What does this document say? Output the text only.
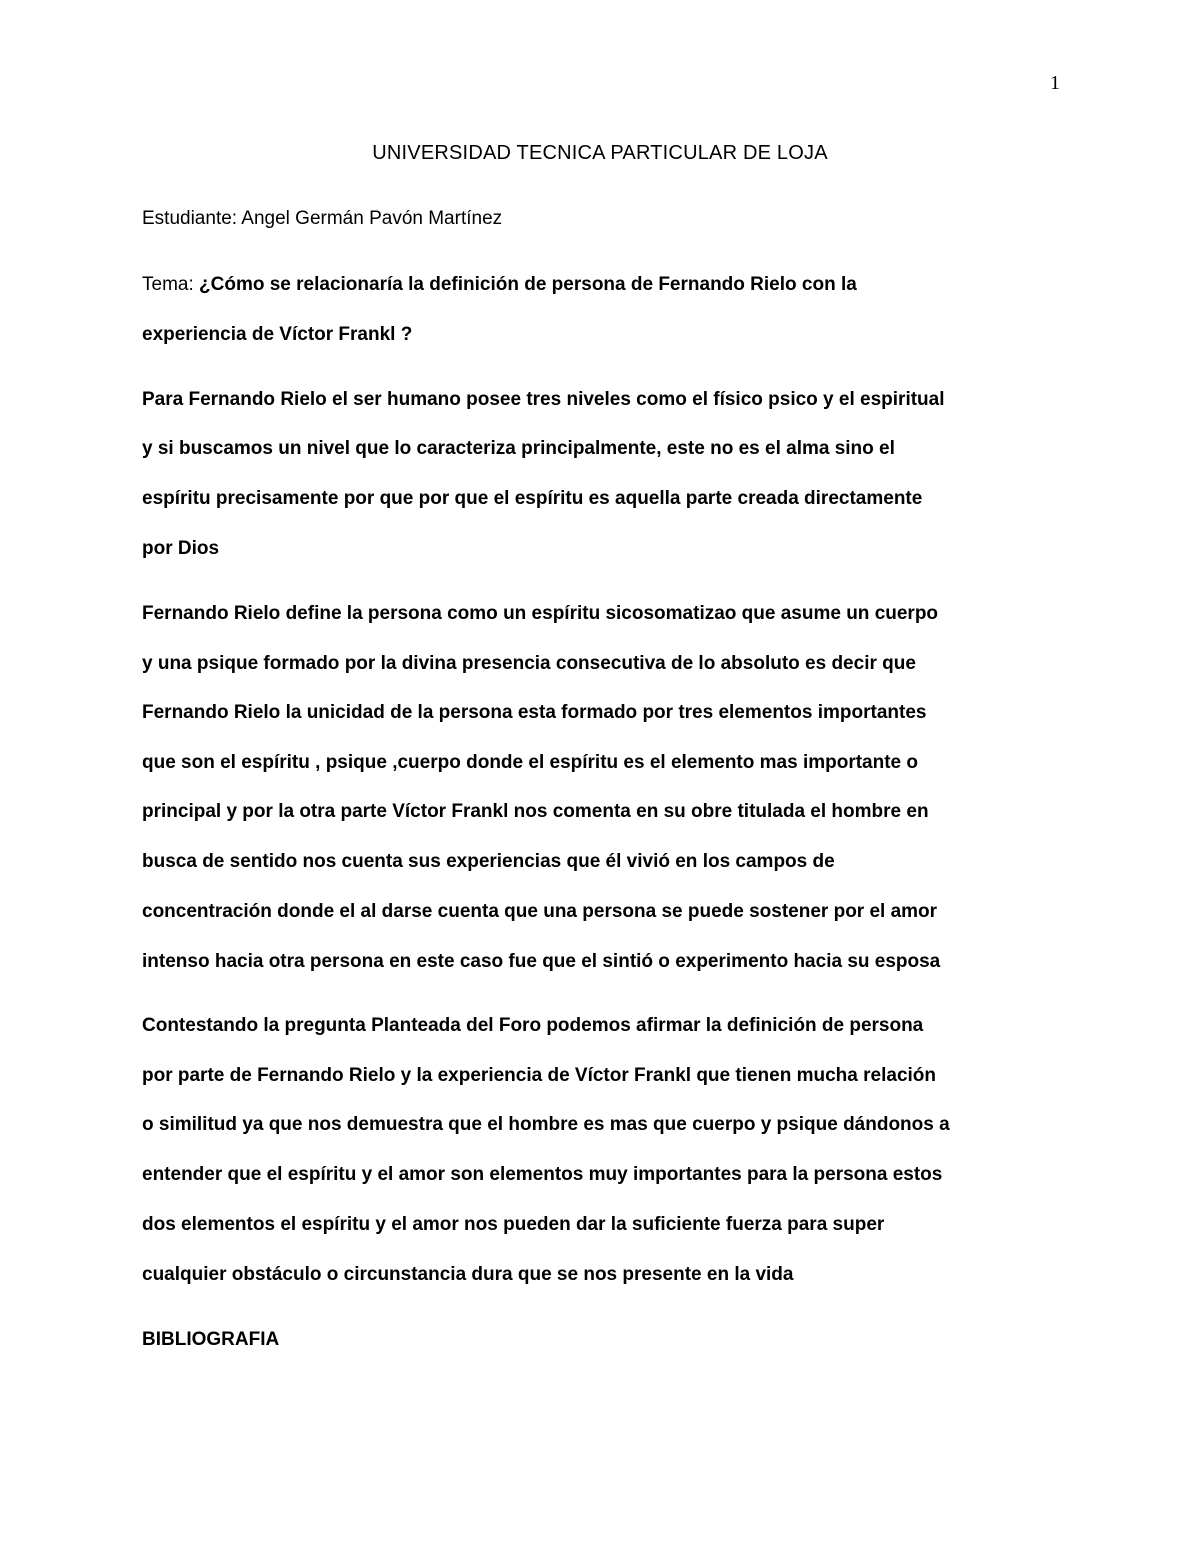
1
UNIVERSIDAD TECNICA PARTICULAR DE LOJA
Estudiante: Angel Germán Pavón Martínez
Tema: ¿Cómo se relacionaría la definición de persona de Fernando Rielo con la
experiencia de Víctor Frankl ?
Para Fernando Rielo el ser humano posee tres niveles como el físico psico y el espiritual
y si buscamos un nivel que lo caracteriza principalmente, este no es el alma sino el
espíritu precisamente por que por que el espíritu es aquella parte creada directamente
por Dios
Fernando Rielo define la persona como un espíritu sicosomatizao que asume un cuerpo
y una psique formado por la divina presencia consecutiva de lo absoluto es decir que
Fernando Rielo la unicidad de la persona esta formado por tres elementos importantes
que son el espíritu , psique ,cuerpo donde el espíritu es el elemento mas importante o
principal y por la otra parte Víctor Frankl nos comenta en su obre titulada el hombre en
busca de sentido nos cuenta sus experiencias que él vivió en los campos de
concentración donde el al darse cuenta que una persona se puede sostener por el amor
intenso hacia otra persona en este caso fue que el sintió o experimento hacia su esposa
Contestando la pregunta Planteada del Foro podemos afirmar la definición de persona
por parte de Fernando Rielo y la experiencia de Víctor Frankl que tienen mucha relación
o similitud ya que nos demuestra que el hombre es mas que cuerpo y psique dándonos a
entender que el espíritu y el amor son elementos muy importantes para la persona estos
dos elementos el espíritu y el amor nos pueden dar la suficiente fuerza para super
cualquier obstáculo o circunstancia dura que se nos presente en la vida
BIBLIOGRAFIA
